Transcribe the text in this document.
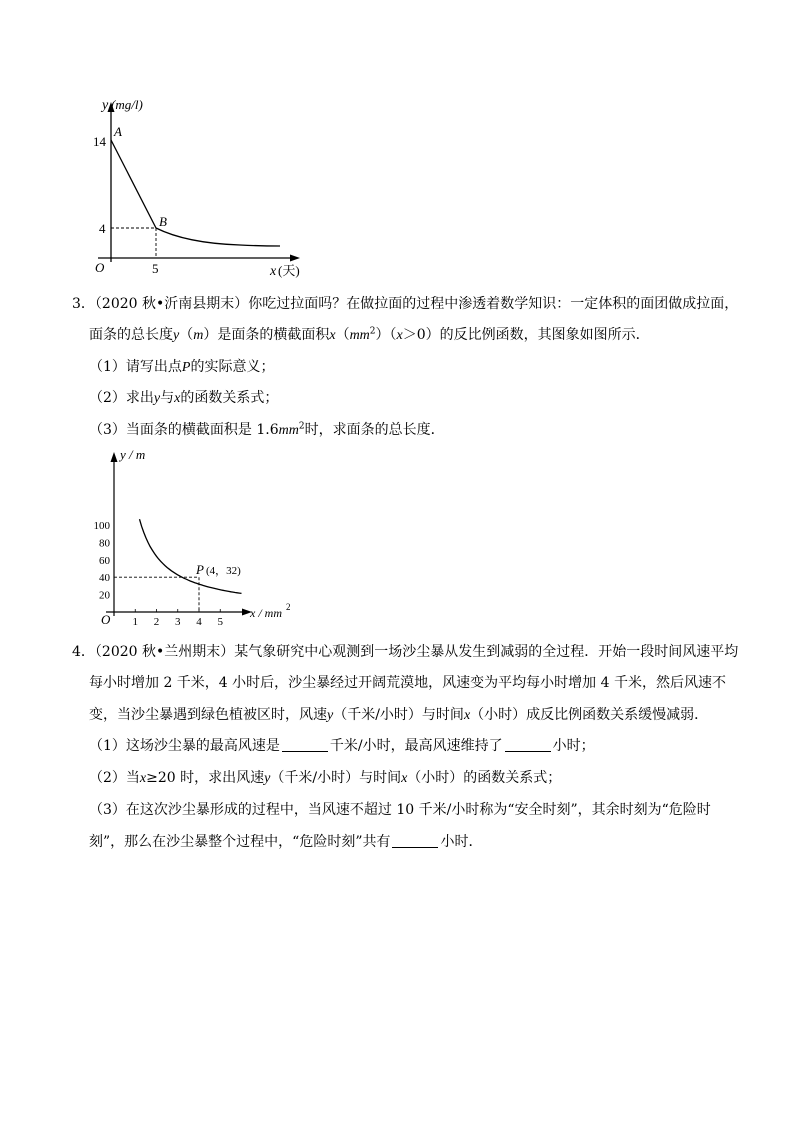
y (mg/l)
A
B
14
4
O	5	x (天)
3．（2020 秋•沂南县期末）你吃过拉面吗？在做拉面的过程中渗透着数学知识：一定体积的面团做成拉面，
面条的总长度y（m）是面条的横截面积$x(mm^2)(x>0)$的反比例函数，其图象如图所示．
（1）请写出点P的实际意义；
（2）求出y与x的函数关系式；
（3）当面条的横截面积是 $1.6mm^2$时，求面条的总长度．
100
80
60
40
20
1 2 3 4 5
y / m
P (4，32)
O	x / mm 2
4．（2020 秋•兰州期末）某气象研究中心观测到一场沙尘暴从发生到减弱的全过程．开始一段时间风速平均
每小时增加 2 千米，4 小时后，沙尘暴经过开阔荒漠地，风速变为平均每小时增加 4 千米，然后风速不
变，当沙尘暴遇到绿色植被区时，风速y（千米/小时）与时间x（小时）成反比例函数关系缓慢减弱．
（1）这场沙尘暴的最高风速是	千米/小时，最高风速维持了	小时；
（2）当x≥20 时，求出风速y（千米/小时）与时间x（小时）的函数关系式；
（3）在这次沙尘暴形成的过程中，当风速不超过 10 千米/小时称为“安全时刻”，其余时刻为“危险时
刻”，那么在沙尘暴整个过程中，“危险时刻”共有	小时．
